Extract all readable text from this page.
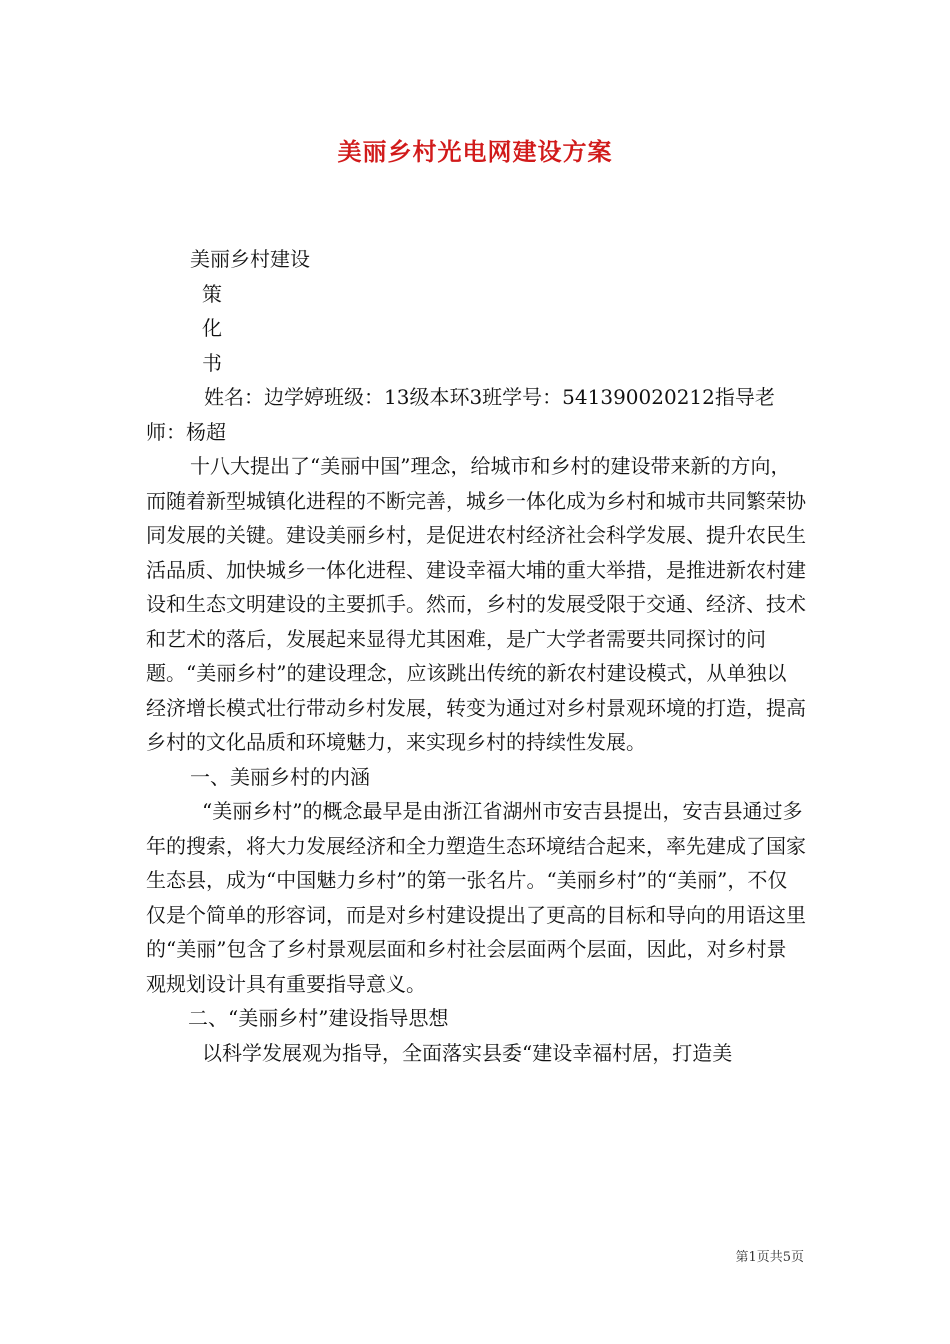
美丽乡村光电网建设方案

美丽乡村建设

策

化

书

姓名：边学婷班级：13级本环3班学号：541390020212指导老师：杨超

十八大提出了“美丽中国”理念，给城市和乡村的建设带来新的方向，而随着新型城镇化进程的不断完善，城乡一体化成为乡村和城市共同繁荣协同发展的关键。建设美丽乡村，是促进农村经济社会科学发展、提升农民生活品质、加快城乡一体化进程、建设幸福大埔的重大举措，是推进新农村建设和生态文明建设的主要抓手。然而，乡村的发展受限于交通、经济、技术和艺术的落后，发展起来显得尤其困难，是广大学者需要共同探讨的问题。“美丽乡村”的建设理念，应该跳出传统的新农村建设模式，从单独以经济增长模式壮行带动乡村发展，转变为通过对乡村景观环境的打造，提高乡村的文化品质和环境魅力，来实现乡村的持续性发展。

一、美丽乡村的内涵

“美丽乡村”的概念最早是由浙江省湖州市安吉县提出，安吉县通过多年的搜索，将大力发展经济和全力塑造生态环境结合起来，率先建成了国家生态县，成为“中国魅力乡村”的第一张名片。“美丽乡村”的“美丽”，不仅仅是个简单的形容词，而是对乡村建设提出了更高的目标和导向的用语这里的“美丽”包含了乡村景观层面和乡村社会层面两个层面，因此，对乡村景观规划设计具有重要指导意义。

二、“美丽乡村”建设指导思想

以科学发展观为指导，全面落实县委“建设幸福村居，打造美

第1页共5页
